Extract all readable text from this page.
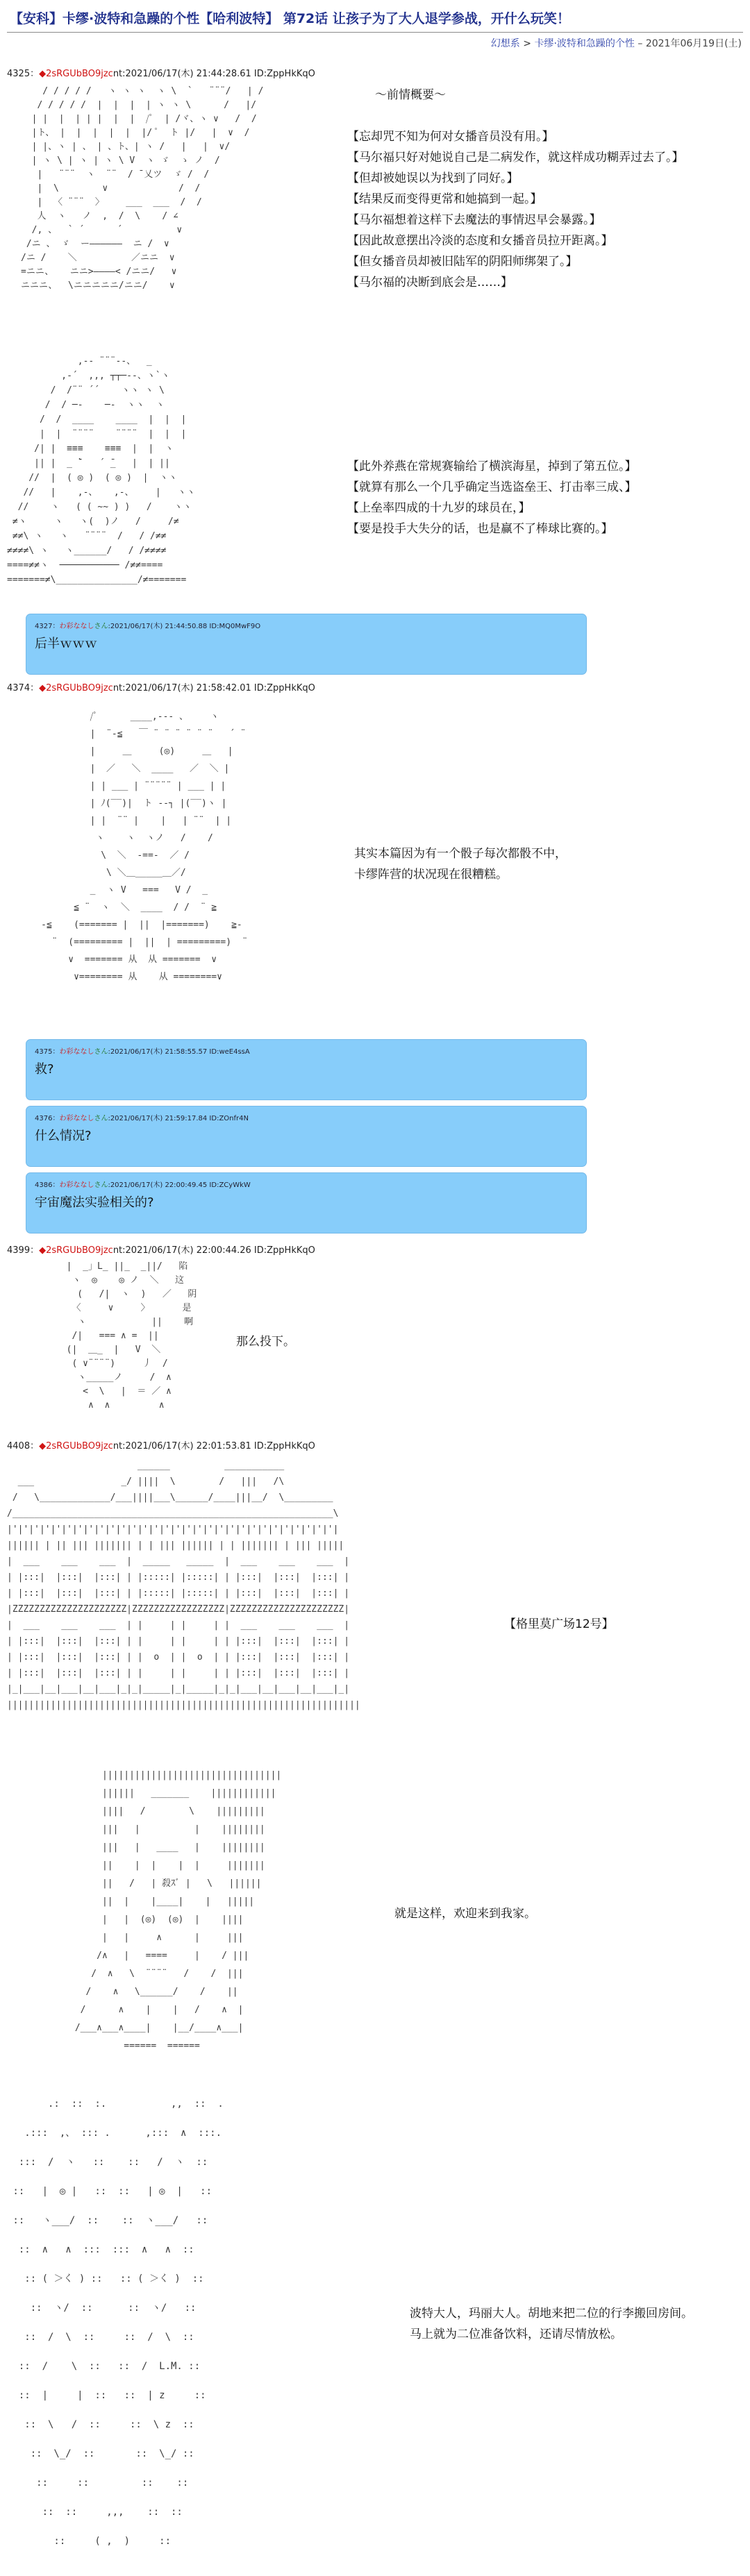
【安科】卡缪·波特和急躁的个性【哈利波特】 第72话 让孩子为了大人退学参战，开什么玩笑！
幻想系 > 卡缪·波特和急躁的个性 – 2021年06月19日(土)
4325：◆2sRGUbBO9jzcnt:2021/06/17(木) 21:44:28.61 ID:ZppHkKqO
/ / / / /   ヽ ヽ ヽ  ヽ \  `   ¨¨¨/   | /
/ / / / /  |  |  |  | ヽ ヽ \      /   |/
| |  |  | | |  |  |  /ﾟ  | /ヾ、ヽ ∨   /  /
|ト、 |  |  |  |  |  |/ ﾟ  ト |/   |  ∨  /
| |、ヽ | 、 | 、ト、| ヽ /   |   |  ∨/
| ヽ \ | ヽ | ヽ \ V  ヽ ゞ  ゝ ノ  /
|   ¨¨¨  ヽ  ¨¨  / ̄ 乂ツ  ゞ /  /
|  \        ∨             /  /
|  〈 ¨¨¨  〉    ___  ___  /  /
人  ヽ   ノ  ,  /  \    / ∠
/, 、  ` ´      ´          ∨
/ニ 、 ゞ  ー――――――  ニ /  ∨
/ニ /    ＼          ／ニニ  ∨
=ニニ、   ニニ>――――< /ニニ/   ∨
ニニニ、  \ニニニニニ/ニニ/    ∨
～前情概要～

【忘却咒不知为何对女播音员没有用。】
【马尔福只好对她说自己是二病发作，就这样成功糊弄过去了。】
【但却被她误以为找到了同好。】
【结果反而变得更常和她搞到一起。】
【马尔福想着这样下去魔法的事情迟早会暴露。】
【因此故意摆出冷淡的态度和女播音员拉开距离。】
【但女播音员却被旧陆军的阴阳师绑架了。】
【马尔福的决断到底会是……】
,-‐ ¨¨¨‐-、  _
,-´  ,,, ┬┬─‐-、ヽ`ヽ
/  /¨¨ ´´    ヽヽ ヽ \
/  / ─‐    ─‐  ヽヽ  ヽ
/  /  ____    ____  |  |  |
|  |  ¨¨¨¨    ¨¨¨¨  |  |  |
/| |  ≡≡≡    ≡≡≡  |  |  ヽ
|| |  _ ̄`   ´ ̄_   |  | ||
//  |  ( ◎ )  ( ◎ )  |  ヽヽ
//   |    ,-、   ,-、    |   ヽヽ
//    ヽ   ( ( ~~ ) )   /    ヽヽ
≠ヽ     ヽ   ヽ(  )ノ   /     /≠
≠≠\ ヽ   ヽ   ¨¨¨¨  /   / /≠≠
≠≠≠≠\ ヽ   ヽ______/   / /≠≠≠≠
====≠≠ヽ  ─────────── /≠≠====
=======≠\_______________/≠=======
【此外养燕在常规赛输给了横滨海星，掉到了第五位。】
【就算有那么一个几乎确定当选盗垒王、打击率三成、】
【上垒率四成的十九岁的球员在，】
【要是投手大失分的话，也是赢不了棒球比赛的。】
4327：わ彩ななしさん:2021/06/17(木) 21:44:50.88 ID:MQ0MwF9O
后半ｗｗｗ
4374：◆2sRGUbBO9jzcnt:2021/06/17(木) 21:58:42.01 ID:ZppHkKqO
/ﾟ      ____,--- 、    ヽ
|  ¨‐≦   ￣ ¨ ¨ ¨ ¨ ¨ ¨   ´ ¨
|     ＿     (◎)     ＿   |
|  ／   ＼  ____   ／  ＼ |
| | ___ | ¨¨¨¨¨ | ___ | |
| ﾉ(‾‾)|  ト ‐‐┐ |(‾‾)ヽ |
| |  ¨¨ |    |   | ¨¨  | |
ヽ    ヽ  ヽノ   /    /
\  ＼  ‐==‐  ／ /
\ ＼＿_____＿／/
_  ヽ V   ===   V /  _
≦ ¨  ヽ  ＼  ____  / /  ¨ ≧
-≦    (======= |  ||  |=======)    ≧-
¨  (========= |  ||  | =========)  ¨
∨  ======= 从  从 =======  ∨
∨======== 从    从 ========∨
其实本篇因为有一个骰子每次都骰不中，
卡缪阵营的状况现在很糟糕。
4375：わ彩ななしさん:2021/06/17(木) 21:58:55.57 ID:weE4ssA
救?
4376：わ彩ななしさん:2021/06/17(木) 21:59:17.84 ID:ZOnfr4N
什么情况?
4386：わ彩ななしさん:2021/06/17(木) 22:00:49.45 ID:ZCyWkW
宇宙魔法实验相关的?
4399：◆2sRGUbBO9jzcnt:2021/06/17(木) 22:00:44.26 ID:ZppHkKqO
|  _」L_ ||_  _||/   陷
ヽ  ◎    ◎ ノ  ＼   这
(   /|  ヽ  )   ／   阴
〈     ∨     〉      是
ヽ            ||    啊
/|   === ∧ =  ||
(|  ＿_  |   V  ＼
( ∨¨¨¨¨)     丿  /
ヽ_____ノ     /  ∧
<  \   |  ＝ ／ ∧
∧  ∧         ∧
那么投下。
4408：◆2sRGUbBO9jzcnt:2021/06/17(木) 22:01:53.81 ID:ZppHkKqO
______          ___________
___                _/ ||||  \        /   |||   /\
/   \_____________/___||||___\______/____|||__/  \_________
/___________________________________________________________\
|'|'|'|'|'|'|'|'|'|'|'|'|'|'|'|'|'|'|'|'|'|'|'|'|'|'|'|'|'|'|
|||||| | || ||| ||||||| | | ||| |||||| | | ||||||| | ||| |||||
|  ___    ___    ___  |  _____   _____  |  ___    ___    ___  |
| |:::|  |:::|  |:::| | |:::::| |:::::| | |:::|  |:::|  |:::| |
| |:::|  |:::|  |:::| | |:::::| |:::::| | |:::|  |:::|  |:::| |
|ZZZZZZZZZZZZZZZZZZZZZ|ZZZZZZZZZZZZZZZZZ|ZZZZZZZZZZZZZZZZZZZZZ|
|  ___    ___    ___  | |     | |     | |  ___    ___    ___  |
| |:::|  |:::|  |:::| | |     | |     | | |:::|  |:::|  |:::| |
| |:::|  |:::|  |:::| | |  o  | |  o  | | |:::|  |:::|  |:::| |
| |:::|  |:::|  |:::| | |     | |     | | |:::|  |:::|  |:::| |
|_|___|__|___|__|___|_|_|_____|_|_____|_|_|___|__|___|__|___|_|
|||||||||||||||||||||||||||||||||||||||||||||||||||||||||||||||||
【格里莫广场12号】
|||||||||||||||||||||||||||||||||
||||||   _______    ||||||||||||
||||   /        \    |||||||||
|||   |          |    ||||||||
|||   |   ____   |    ||||||||
||    |  |    |  |     |||||||
||   /   | 殺ｽﾞ |   \   ||||||
||  |    |____|    |   |||||
|   |  (◎)  (◎)  |    ||||
|   |     ∧      |     |||
/∧   |   ====     |    / |||
/  ∧   \  ¨¨¨¨   /    /  |||
/    ∧   \______/    /    ||
/      ∧    |    |   /    ∧  |
/___∧___∧____|    |__/____∧___|
======  ======
就是这样，欢迎来到我家。
.:  ::  :.           ,,  ::  .
.:::  ,、 ::: .      ,:::  ∧  :::.
:::  /  ヽ   ::    ::   /  ヽ  ::
::   |  ◎ |   ::  ::   | ◎  |   ::
::   ヽ___/  ::    ::  ヽ___/   ::
::  ∧   ∧  :::  :::  ∧   ∧  ::
:: ( ＞く ) ::   :: ( ＞く )  ::
::  ヽ/  ::      ::  ヽ/   ::
::  /  \  ::     ::  /  \  ::
::  /    \  ::   ::  /  L.M. ::
::  |     |  ::   ::  | z     ::
::  \   /  ::     ::  \ z  ::
::  \_/  ::       ::  \_/ ::
::     ::         ::    ::
::  ::     ,,,    ::  ::
::     ( ,  )     ::
波特大人，玛丽大人。胡地来把二位的行李搬回房间。
马上就为二位准备饮料，还请尽情放松。
